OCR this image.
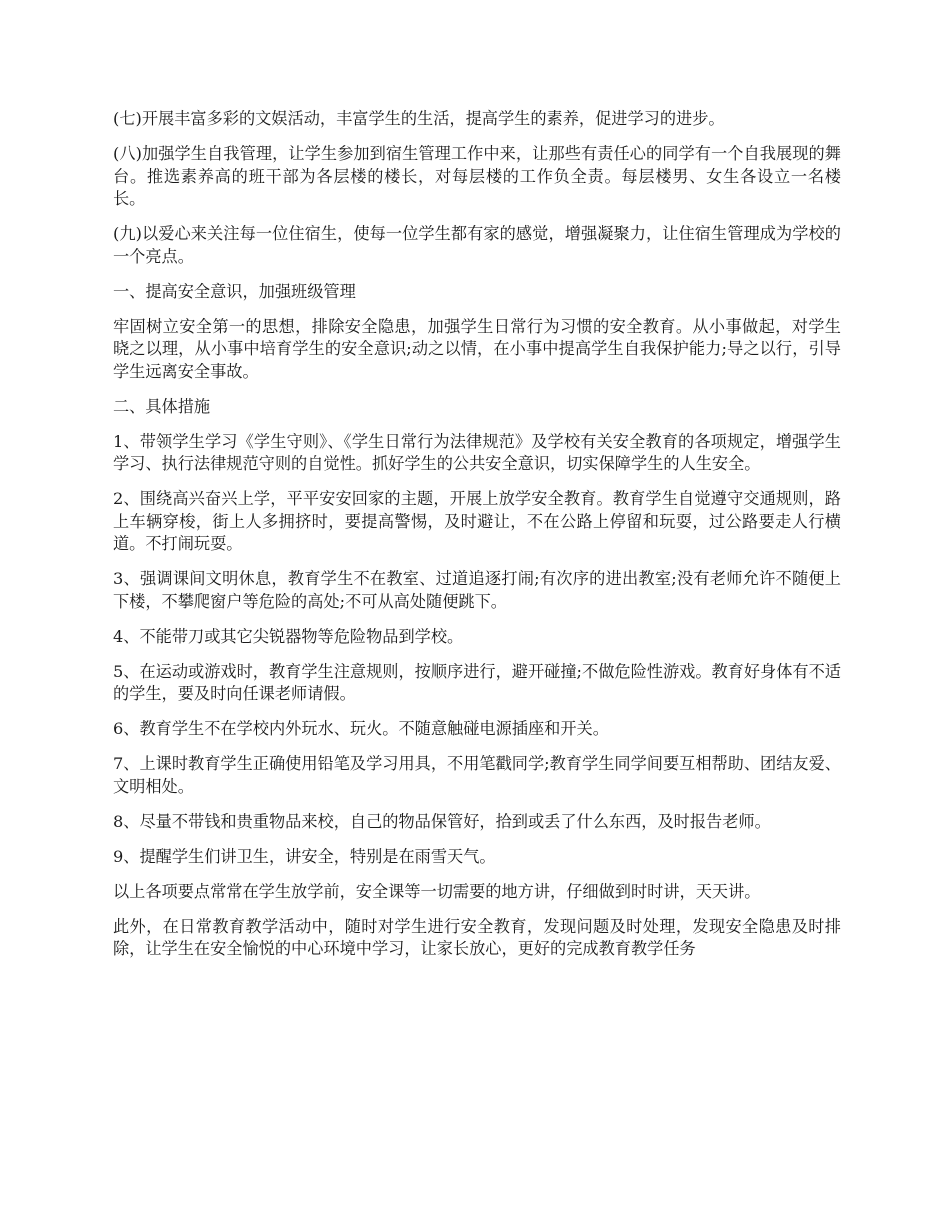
(七)开展丰富多彩的文娱活动，丰富学生的生活，提高学生的素养，促进学习的进步。

(八)加强学生自我管理，让学生参加到宿生管理工作中来，让那些有责任心的同学有一个自我展现的舞台。推选素养高的班干部为各层楼的楼长，对每层楼的工作负全责。每层楼男、女生各设立一名楼长。

(九)以爱心来关注每一位住宿生，使每一位学生都有家的感觉，增强凝聚力，让住宿生管理成为学校的一个亮点。

一、提高安全意识，加强班级管理

牢固树立安全第一的思想，排除安全隐患，加强学生日常行为习惯的安全教育。从小事做起，对学生晓之以理，从小事中培育学生的安全意识;动之以情，在小事中提高学生自我保护能力;导之以行，引导学生远离安全事故。

二、具体措施

1、带领学生学习《学生守则》、《学生日常行为法律规范》及学校有关安全教育的各项规定，增强学生学习、执行法律规范守则的自觉性。抓好学生的公共安全意识，切实保障学生的人生安全。

2、围绕高兴奋兴上学，平平安安回家的主题，开展上放学安全教育。教育学生自觉遵守交通规则，路上车辆穿梭，街上人多拥挤时，要提高警惕，及时避让，不在公路上停留和玩耍，过公路要走人行横道。不打闹玩耍。

3、强调课间文明休息，教育学生不在教室、过道追逐打闹;有次序的进出教室;没有老师允许不随便上下楼，不攀爬窗户等危险的高处;不可从高处随便跳下。

4、不能带刀或其它尖锐器物等危险物品到学校。

5、在运动或游戏时，教育学生注意规则，按顺序进行，避开碰撞;不做危险性游戏。教育好身体有不适的学生，要及时向任课老师请假。

6、教育学生不在学校内外玩水、玩火。不随意触碰电源插座和开关。

7、上课时教育学生正确使用铅笔及学习用具，不用笔戳同学;教育学生同学间要互相帮助、团结友爱、文明相处。

8、尽量不带钱和贵重物品来校，自己的物品保管好，拾到或丢了什么东西，及时报告老师。

9、提醒学生们讲卫生，讲安全，特别是在雨雪天气。

以上各项要点常常在学生放学前，安全课等一切需要的地方讲，仔细做到时时讲，天天讲。

此外，在日常教育教学活动中，随时对学生进行安全教育，发现问题及时处理，发现安全隐患及时排除，让学生在安全愉悦的中心环境中学习，让家长放心，更好的完成教育教学任务
